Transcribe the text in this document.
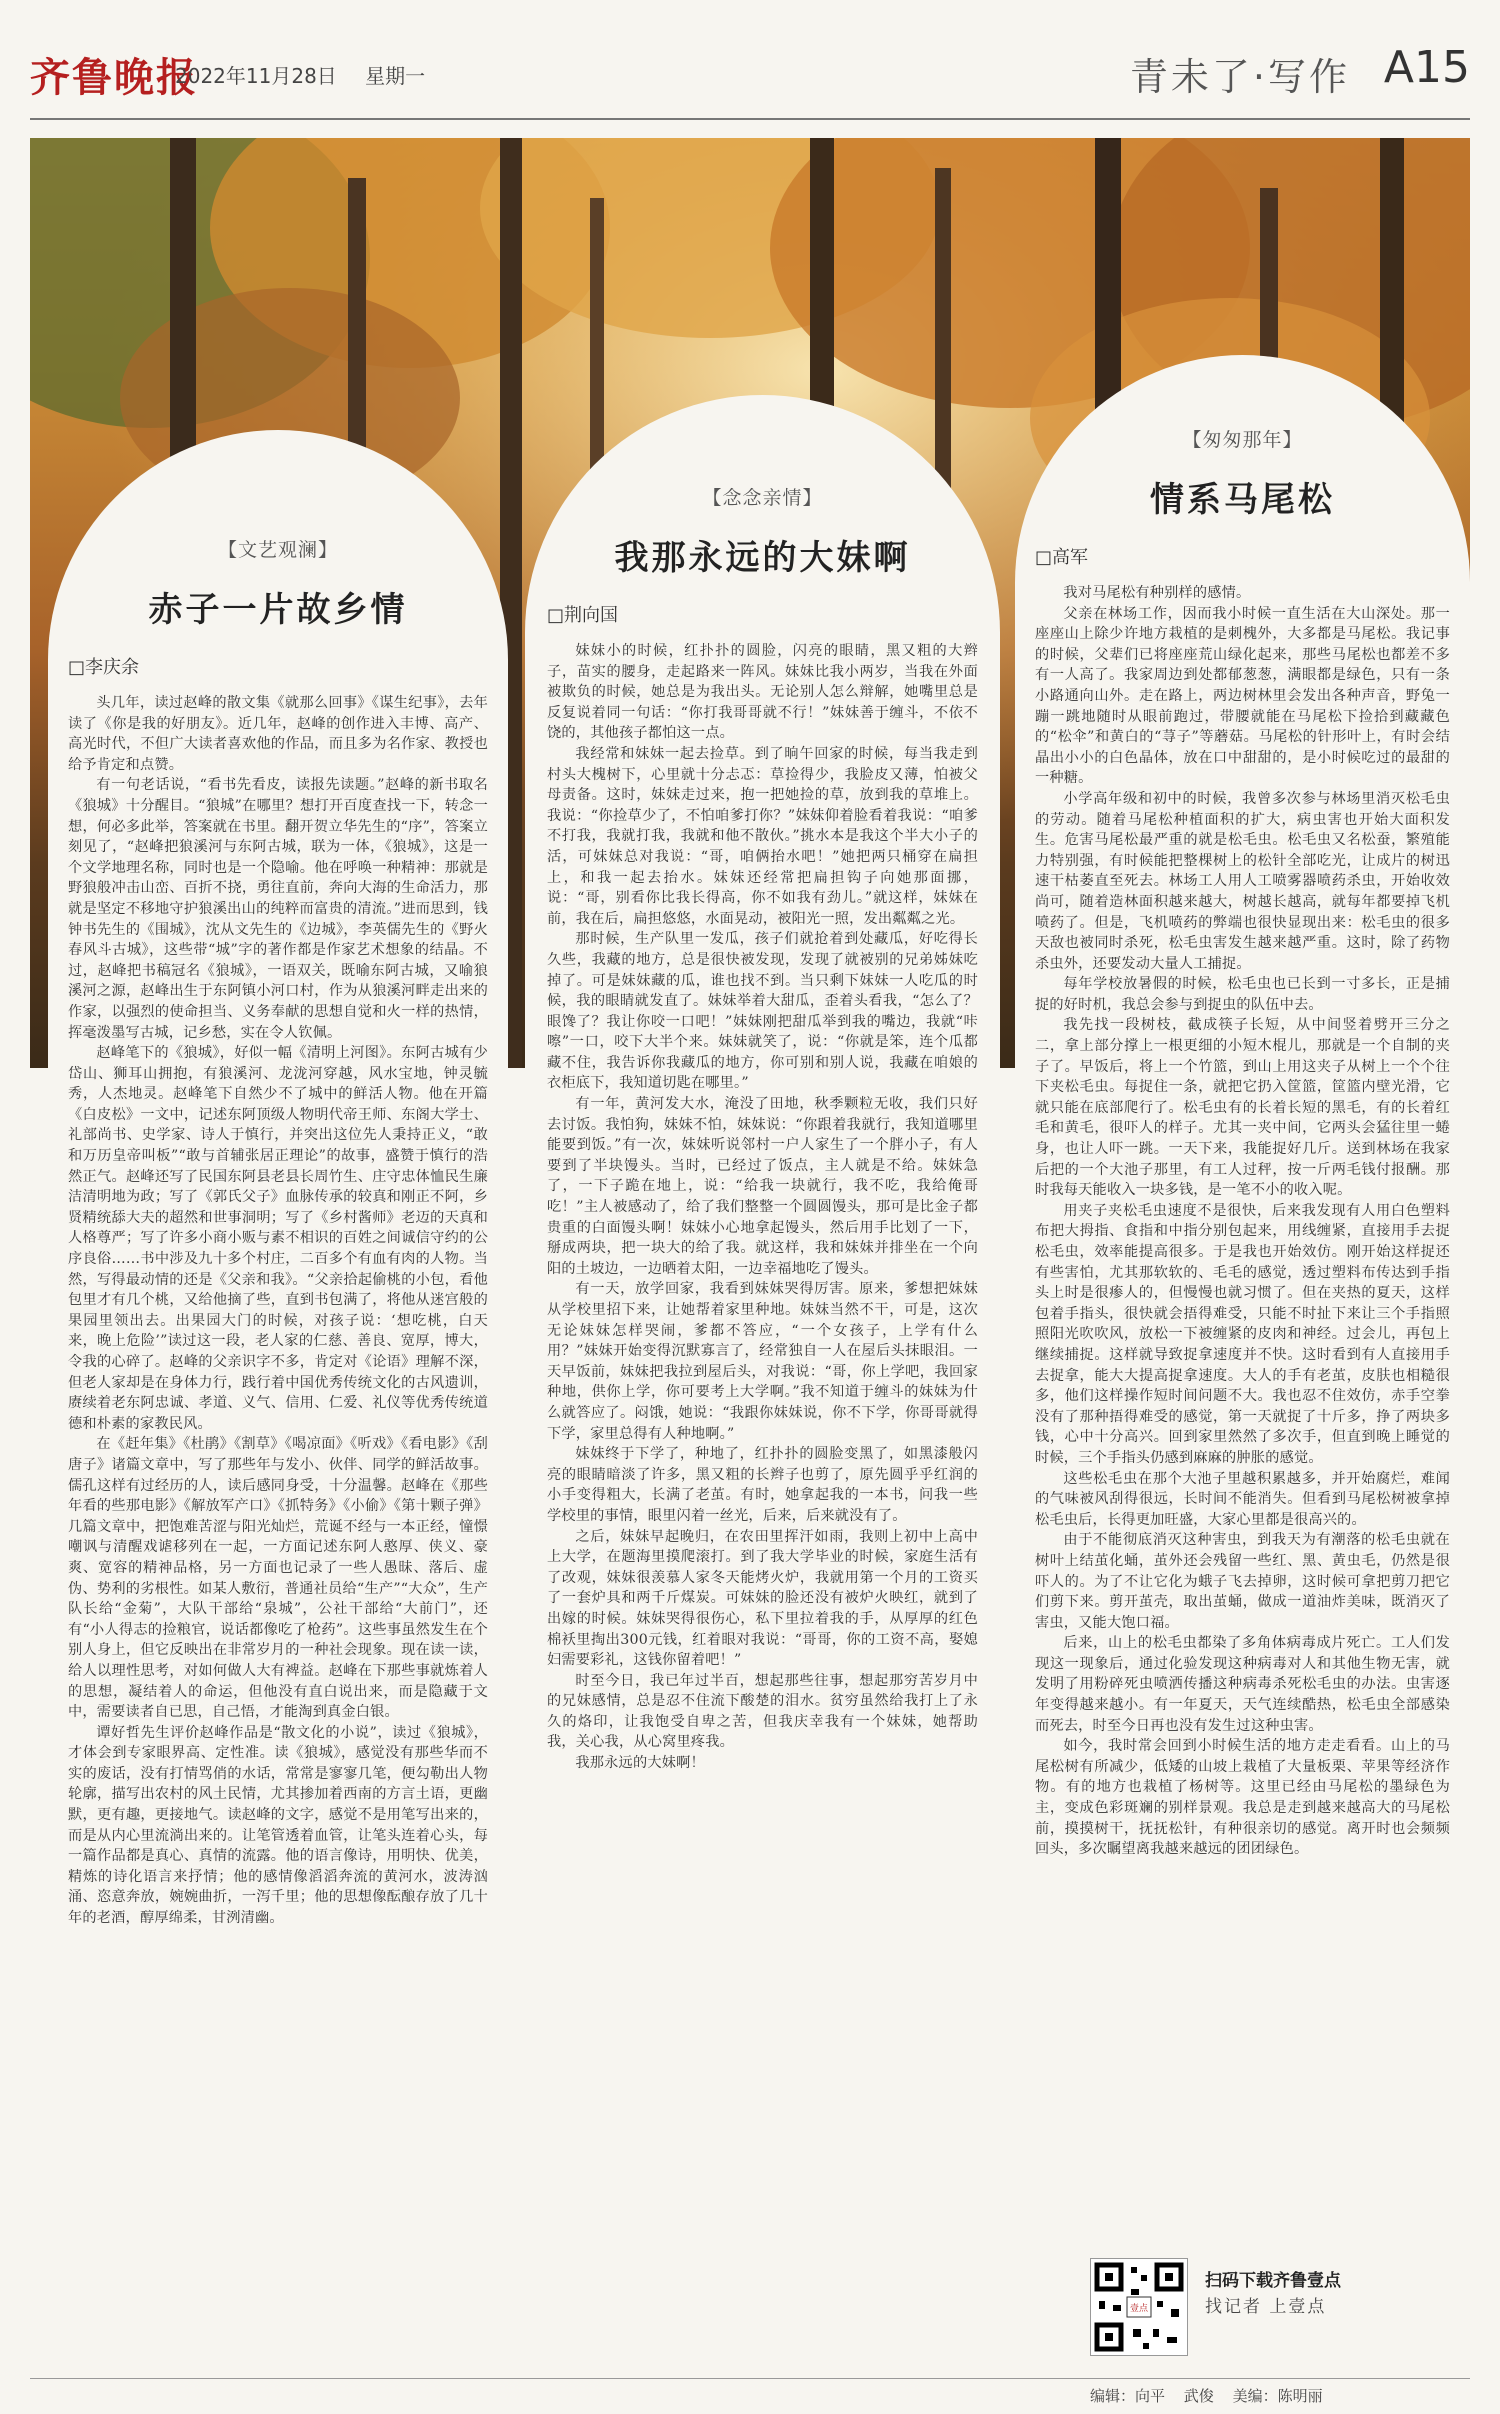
齐鲁晚报
2022年11月28日 星期一	青未了·写作 A15
【文艺观澜】
赤子一片故乡情
□李庆余

头几年，读过赵峰的散文集《就那么回事》《谋生纪事》，去年读了《你是我的好朋友》。近几年，赵峰的创作进入丰博、高产、高光时代，不但广大读者喜欢他的作品，而且多为名作家、教授也给予肯定和点赞。

有一句老话说，“看书先看皮，读报先读题。”赵峰的新书取名《狼城》十分醒目。“狼城”在哪里？想打开百度查找一下，转念一想，何必多此举，答案就在书里。翻开贺立华先生的“序”，答案立刻见了，“赵峰把狼溪河与东阿古城，联为一体，《狼城》，这是一个文学地理名称，同时也是一个隐喻。他在呼唤一种精神：那就是野狼般冲击山峦、百折不挠，勇往直前，奔向大海的生命活力，那就是坚定不移地守护狼溪出山的纯粹而富贵的清流。”进而思到，钱钟书先生的《围城》，沈从文先生的《边城》，李英儒先生的《野火春风斗古城》，这些带“城”字的著作都是作家艺术想象的结晶。不过，赵峰把书稿冠名《狼城》，一语双关，既喻东阿古城，又喻狼溪河之源，赵峰出生于东阿镇小河口村，作为从狼溪河畔走出来的作家，以强烈的使命担当、义务奉献的思想自觉和火一样的热情，挥毫泼墨写古城，记乡愁，实在令人钦佩。

赵峰笔下的《狼城》，好似一幅《清明上河图》。东阿古城有少岱山、狮耳山拥抱，有狼溪河、龙泷河穿越，风水宝地，钟灵毓秀，人杰地灵。赵峰笔下自然少不了城中的鲜活人物。他在开篇《白皮松》一文中，记述东阿顶级人物明代帝王师、东阁大学士、礼部尚书、史学家、诗人于慎行，并突出这位先人秉持正义，“敢和万历皇帝叫板”“敢与首辅张居正理论”的故事，盛赞于慎行的浩然正气。赵峰还写了民国东阿县老县长周竹生、庄守忠体恤民生廉洁清明地为政；写了《郭氏父子》血脉传承的较真和刚正不阿，乡贤精统舔大夫的超然和世事洞明；写了《乡村酱师》老迈的天真和人格尊严；写了许多小商小贩与素不相识的百姓之间诚信守约的公序良俗……书中涉及九十多个村庄，二百多个有血有肉的人物。当然，写得最动情的还是《父亲和我》。“父亲拾起偷桃的小包，看他包里才有几个桃，又给他摘了些，直到书包满了，将他从迷宫般的果园里领出去。出果园大门的时候，对孩子说：‘想吃桃，白天来，晚上危险’”读过这一段，老人家的仁慈、善良、宽厚，博大，令我的心碎了。赵峰的父亲识字不多，肯定对《论语》理解不深，但老人家却是在身体力行，践行着中国优秀传统文化的古风遗训，赓续着老东阿忠诚、孝道、义气、信用、仁爱、礼仪等优秀传统道德和朴素的家教民风。

在《赶年集》《杜鹃》《割草》《喝凉面》《听戏》《看电影》《刮唐子》诸篇文章中，写了那些年与发小、伙伴、同学的鲜活故事。儒孔这样有过经历的人，读后感同身受，十分温馨。赵峰在《那些年看的些那电影》《解放军产口》《抓特务》《小偷》《第十颗子弹》几篇文章中，把饱难苦涩与阳光灿烂，荒诞不经与一本正经，憧憬嘲讽与清醒戏谑移列在一起，一方面记述东阿人憨厚、侠义、豪爽、宽容的精神品格，另一方面也记录了一些人愚昧、落后、虚伪、势利的劣根性。如某人敷衍，普通社员给“生产”“大众”，生产队长给“金菊”，大队干部给“泉城”，公社干部给“大前门”，还有“小人得志的捡粮官，说话都像吃了枪药”。这些事虽然发生在个别人身上，但它反映出在非常岁月的一种社会现象。现在读一读，给人以理性思考，对如何做人大有裨益。赵峰在下那些事就炼着人的思想，凝结着人的命运，但他没有直白说出来，而是隐藏于文中，需要读者自已思，自己悟，才能淘到真金白银。

谭好哲先生评价赵峰作品是“散文化的小说”，读过《狼城》，才体会到专家眼界高、定性准。读《狼城》，感觉没有那些华而不实的废话，没有打情骂俏的水话，常常是寥寥几笔，便勾勒出人物轮廓，描写出农村的风土民情，尤其掺加着西南的方言土语，更幽默，更有趣，更接地气。读赵峰的文字，感觉不是用笔写出来的，而是从内心里流淌出来的。让笔管透着血管，让笔头连着心头，每一篇作品都是真心、真情的流露。他的语言像诗，用明快、优美，精炼的诗化语言来抒情；他的感情像滔滔奔流的黄河水，波涛汹涌、恣意奔放，婉婉曲折，一泻千里；他的思想像酝酿存放了几十年的老酒，醇厚绵柔，甘洌清幽。

【念念亲情】
我那永远的大妹啊
□荆向国

妹妹小的时候，红扑扑的圆脸，闪亮的眼睛，黑又粗的大辫子，苗实的腰身，走起路来一阵风。妹妹比我小两岁，当我在外面被欺负的时候，她总是为我出头。无论别人怎么辩解，她嘴里总是反复说着同一句话：“你打我哥哥就不行！”妹妹善于缠斗，不依不饶的，其他孩子都怕这一点。

我经常和妹妹一起去捡草。到了晌午回家的时候，每当我走到村头大槐树下，心里就十分忐忑：草捡得少，我脸皮又薄，怕被父母责备。这时，妹妹走过来，抱一把她捡的草，放到我的草堆上。我说：“你捡草少了，不怕咱爹打你？”妹妹仰着脸看着我说：“咱爹不打我，我就打我，我就和他不散伙。”挑水本是我这个半大小子的活，可妹妹总对我说：“哥，咱俩抬水吧！”她把两只桶穿在扁担上，和我一起去抬水。妹妹还经常把扁担钩子向她那面挪，说：“哥，别看你比我长得高，你不如我有劲儿。”就这样，妹妹在前，我在后，扁担悠悠，水面晃动，被阳光一照，发出粼粼之光。

那时候，生产队里一发瓜，孩子们就抢着到处藏瓜，好吃得长久些，我藏的地方，总是很快被发现，发现了就被别的兄弟姊妹吃掉了。可是妹妹藏的瓜，谁也找不到。当只剩下妹妹一人吃瓜的时候，我的眼睛就发直了。妹妹举着大甜瓜，歪着头看我，“怎么了？眼馋了？我让你咬一口吧！”妹妹刚把甜瓜举到我的嘴边，我就“咔嚓”一口，咬下大半个来。妹妹就笑了，说：“你就是笨，连个瓜都藏不住，我告诉你我藏瓜的地方，你可别和别人说，我藏在咱娘的衣柜底下，我知道切匙在哪里。”

有一年，黄河发大水，淹没了田地，秋季颗粒无收，我们只好去讨饭。我怕狗，妹妹不怕，妹妹说：“你跟着我就行，我知道哪里能要到饭。”有一次，妹妹听说邻村一户人家生了一个胖小子，有人要到了半块馒头。当时，已经过了饭点，主人就是不给。妹妹急了，一下子跪在地上，说：“给我一块就行，我不吃，我给俺哥吃！”主人被感动了，给了我们整整一个圆圆馒头，那可是比金子都贵重的白面馒头啊！妹妹小心地拿起馒头，然后用手比划了一下，掰成两块，把一块大的给了我。就这样，我和妹妹并排坐在一个向阳的土坡边，一边晒着太阳，一边幸福地吃了馒头。

有一天，放学回家，我看到妹妹哭得厉害。原来，爹想把妹妹从学校里招下来，让她帮着家里种地。妹妹当然不干，可是，这次无论妹妹怎样哭闹，爹都不答应，“一个女孩子，上学有什么用？”妹妹开始变得沉默寡言了，经常独自一人在屋后头抹眼泪。一天早饭前，妹妹把我拉到屋后头，对我说：“哥，你上学吧，我回家种地，供你上学，你可要考上大学啊。”我不知道于缠斗的妹妹为什么就答应了。闷饿，她说：“我跟你妹妹说，你不下学，你哥哥就得下学，家里总得有人种地啊。”

妹妹终于下学了，种地了，红扑扑的圆脸变黑了，如黑漆般闪亮的眼睛暗淡了许多，黑又粗的长辫子也剪了，原先圆乎乎红润的小手变得粗大，长满了老茧。有时，她拿起我的一本书，问我一些学校里的事情，眼里闪着一丝光，后来，后来就没有了。

之后，妹妹早起晚归，在农田里挥汗如雨，我则上初中上高中上大学，在题海里摸爬滚打。到了我大学毕业的时候，家庭生活有了改观，妹妹很羡慕人家冬天能烤火炉，我就用第一个月的工资买了一套炉具和两千斤煤炭。可妹妹的脸还没有被炉火映红，就到了出嫁的时候。妹妹哭得很伤心，私下里拉着我的手，从厚厚的红色棉袄里掏出300元钱，红着眼对我说：“哥哥，你的工资不高，娶媳妇需要彩礼，这钱你留着吧！”

时至今日，我已年过半百，想起那些往事，想起那穷苦岁月中的兄妹感情，总是忍不住流下酸楚的泪水。贫穷虽然给我打上了永久的烙印，让我饱受自卑之苦，但我庆幸我有一个妹妹，她帮助我，关心我，从心窝里疼我。

我那永远的大妹啊！

【匆匆那年】
情系马尾松
□高军

我对马尾松有种别样的感情。

父亲在林场工作，因而我小时候一直生活在大山深处。那一座座山上除少许地方栽植的是刺槐外，大多都是马尾松。我记事的时候，父辈们已将座座荒山绿化起来，那些马尾松也都差不多有一人高了。我家周边到处都郁葱葱，满眼都是绿色，只有一条小路通向山外。走在路上，两边树林里会发出各种声音，野兔一蹦一跳地随时从眼前跑过，带腰就能在马尾松下捡拾到藏藏色的“松伞”和黄白的“荨子”等蘑菇。马尾松的针形叶上，有时会结晶出小小的白色晶体，放在口中甜甜的，是小时候吃过的最甜的一种糖。

小学高年级和初中的时候，我曾多次参与林场里消灭松毛虫的劳动。随着马尾松种植面积的扩大，病虫害也开始大面积发生。危害马尾松最严重的就是松毛虫。松毛虫又名松蚕，繁殖能力特别强，有时候能把整棵树上的松针全部吃光，让成片的树迅速干枯萎直至死去。林场工人用人工喷雾器喷药杀虫，开始收效尚可，随着造林面积越来越大，树越长越高，就每年都要掉飞机喷药了。但是，飞机喷药的弊端也很快显现出来：松毛虫的很多天敌也被同时杀死，松毛虫害发生越来越严重。这时，除了药物杀虫外，还要发动大量人工捕捉。

每年学校放暑假的时候，松毛虫也已长到一寸多长，正是捕捉的好时机，我总会参与到捉虫的队伍中去。

我先找一段树枝，截成筷子长短，从中间竖着劈开三分之二，拿上部分撑上一根更细的小短木棍儿，那就是一个自制的夹子了。早饭后，将上一个竹篮，到山上用这夹子从树上一个个往下夹松毛虫。每捉住一条，就把它扔入筐篮，筐篮内壁光滑，它就只能在底部爬行了。松毛虫有的长着长短的黑毛，有的长着红毛和黄毛，很吓人的样子。尤其一夹中间，它两头会猛往里一蜷身，也让人吓一跳。一天下来，我能捉好几斤。送到林场在我家后把的一个大池子那里，有工人过秤，按一斤两毛钱付报酬。那时我每天能收入一块多钱，是一笔不小的收入呢。

用夹子夹松毛虫速度不是很快，后来我发现有人用白色塑料布把大拇指、食指和中指分别包起来，用线缠紧，直接用手去捉松毛虫，效率能提高很多。于是我也开始效仿。刚开始这样捉还有些害怕，尤其那软软的、毛毛的感觉，透过塑料布传达到手指头上时是很瘆人的，但慢慢也就习惯了。但在夹热的夏天，这样包着手指头，很快就会捂得难受，只能不时扯下来让三个手指照照阳光吹吹风，放松一下被缠紧的皮肉和神经。过会儿，再包上继续捕捉。这样就导致捉拿速度并不快。这时看到有人直接用手去捉拿，能大大提高捉拿速度。大人的手有老茧，皮肤也相糙很多，他们这样操作短时间问题不大。我也忍不住效仿，赤手空拳没有了那种捂得难受的感觉，第一天就捉了十斤多，挣了两块多钱，心中十分高兴。回到家里然然了多次手，但直到晚上睡觉的时候，三个手指头仍感到麻麻的肿胀的感觉。

这些松毛虫在那个大池子里越积累越多，并开始腐烂，难闻的气味被风刮得很远，长时间不能消失。但看到马尾松树被拿掉松毛虫后，长得更加旺盛，大家心里都是很高兴的。

由于不能彻底消灭这种害虫，到我天为有潮落的松毛虫就在树叶上结茧化蛹，茧外还会残留一些红、黑、黄虫毛，仍然是很吓人的。为了不让它化为蛾子飞去掉卵，这时候可拿把剪刀把它们剪下来。剪开茧壳，取出茧蛹，做成一道油炸美味，既消灭了害虫，又能大饱口福。

后来，山上的松毛虫都染了多角体病毒成片死亡。工人们发现这一现象后，通过化验发现这种病毒对人和其他生物无害，就发明了用粉碎死虫喷洒传播这种病毒杀死松毛虫的办法。虫害逐年变得越来越小。有一年夏天，天气连续酷热，松毛虫全部感染而死去，时至今日再也没有发生过这种虫害。

如今，我时常会回到小时候生活的地方走走看看。山上的马尾松树有所减少，低矮的山坡上栽植了大量板栗、苹果等经济作物。有的地方也栽植了杨树等。这里已经由马尾松的墨绿色为主，变成色彩斑斓的别样景观。我总是走到越来越高大的马尾松前，摸摸树干，抚抚松针，有种很亲切的感觉。离开时也会频频回头，多次瞩望离我越来越远的团团绿色。

壹点
扫码下载齐鲁壹点
找记者 上壹点
编辑：向平 武俊 美编：陈明丽
